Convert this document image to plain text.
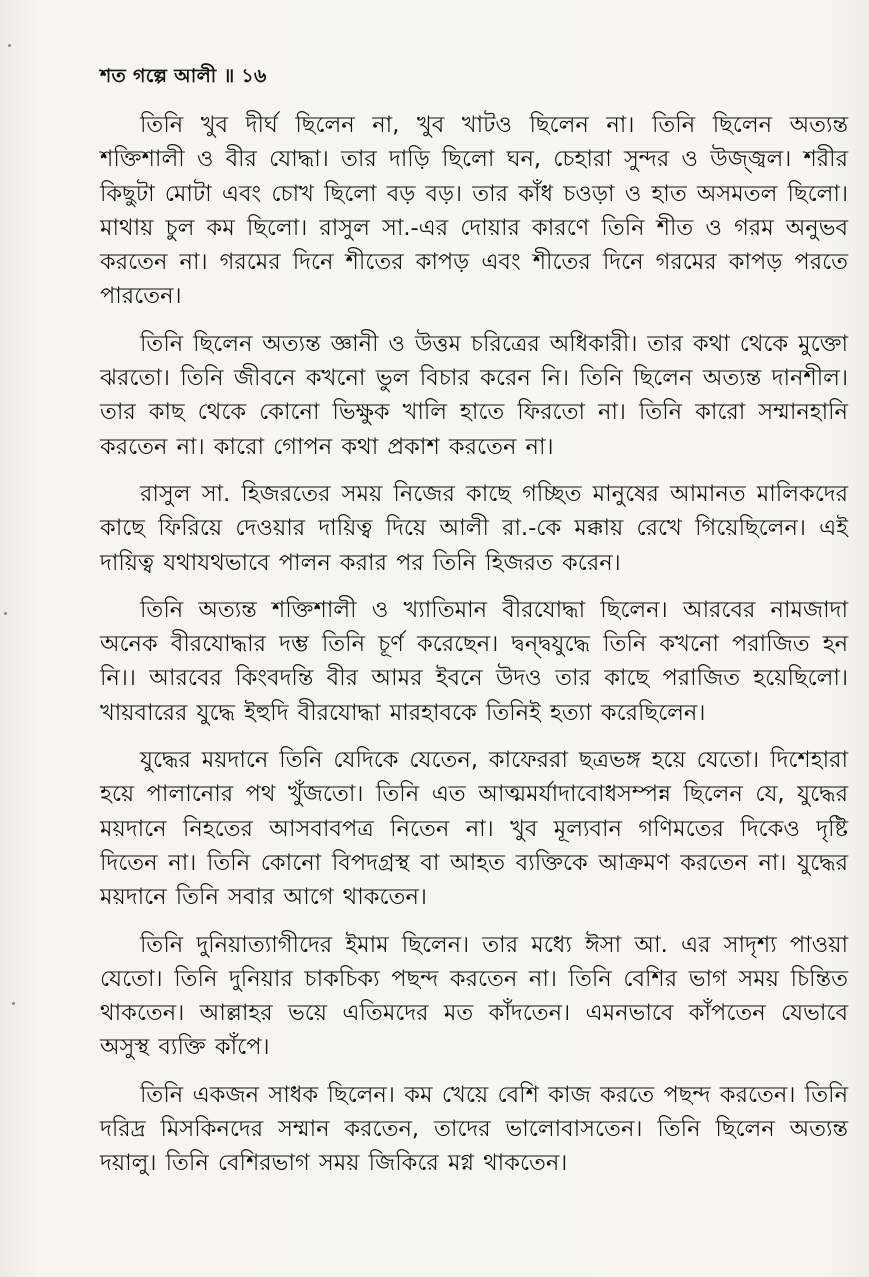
শত গল্পে আলী ॥ ১৬

তিনি খুব দীর্ঘ ছিলেন না, খুব খাটও ছিলেন না। তিনি ছিলেন অত্যন্ত শক্তিশালী ও বীর যোদ্ধা। তার দাড়ি ছিলো ঘন, চেহারা সুন্দর ও উজ্জ্বল। শরীর কিছুটা মোটা এবং চোখ ছিলো বড় বড়। তার কাঁধ চওড়া ও হাত অসমতল ছিলো। মাথায় চুল কম ছিলো। রাসুল সা.-এর দোয়ার কারণে তিনি শীত ও গরম অনুভব করতেন না। গরমের দিনে শীতের কাপড় এবং শীতের দিনে গরমের কাপড় পরতে পারতেন।

তিনি ছিলেন অত্যন্ত জ্ঞানী ও উত্তম চরিত্রের অধিকারী। তার কথা থেকে মুক্তো ঝরতো। তিনি জীবনে কখনো ভুল বিচার করেন নি। তিনি ছিলেন অত্যন্ত দানশীল। তার কাছ থেকে কোনো ভিক্ষুক খালি হাতে ফিরতো না। তিনি কারো সম্মানহানি করতেন না। কারো গোপন কথা প্রকাশ করতেন না।

রাসুল সা. হিজরতের সময় নিজের কাছে গচ্ছিত মানুষের আমানত মালিকদের কাছে ফিরিয়ে দেওয়ার দায়িত্ব দিয়ে আলী রা.-কে মক্কায় রেখে গিয়েছিলেন। এই দায়িত্ব যথাযথভাবে পালন করার পর তিনি হিজরত করেন।

তিনি অত্যন্ত শক্তিশালী ও খ্যাতিমান বীরযোদ্ধা ছিলেন। আরবের নামজাদা অনেক বীরযোদ্ধার দম্ভ তিনি চূর্ণ করেছেন। দ্বন্দ্বযুদ্ধে তিনি কখনো পরাজিত হন নি।। আরবের কিংবদন্তি বীর আমর ইবনে উদও তার কাছে পরাজিত হয়েছিলো। খায়বারের যুদ্ধে ইহুদি বীরযোদ্ধা মারহাবকে তিনিই হত্যা করেছিলেন।

যুদ্ধের ময়দানে তিনি যেদিকে যেতেন, কাফেররা ছত্রভঙ্গ হয়ে যেতো। দিশেহারা হয়ে পালানোর পথ খুঁজতো। তিনি এত আত্মমর্যাদাবোধসম্পন্ন ছিলেন যে, যুদ্ধের ময়দানে নিহতের আসবাবপত্র নিতেন না। খুব মূল্যবান গণিমতের দিকেও দৃষ্টি দিতেন না। তিনি কোনো বিপদগ্রস্থ বা আহত ব্যক্তিকে আক্রমণ করতেন না। যুদ্ধের ময়দানে তিনি সবার আগে থাকতেন।

তিনি দুনিয়াত্যাগীদের ইমাম ছিলেন। তার মধ্যে ঈসা আ. এর সাদৃশ্য পাওয়া যেতো। তিনি দুনিয়ার চাকচিক্য পছন্দ করতেন না। তিনি বেশির ভাগ সময় চিন্তিত থাকতেন। আল্লাহর ভয়ে এতিমদের মত কাঁদতেন। এমনভাবে কাঁপতেন যেভাবে অসুস্থ ব্যক্তি কাঁপে।

তিনি একজন সাধক ছিলেন। কম খেয়ে বেশি কাজ করতে পছন্দ করতেন। তিনি দরিদ্র মিসকিনদের সম্মান করতেন, তাদের ভালোবাসতেন। তিনি ছিলেন অত্যন্ত দয়ালু। তিনি বেশিরভাগ সময় জিকিরে মগ্ন থাকতেন।
